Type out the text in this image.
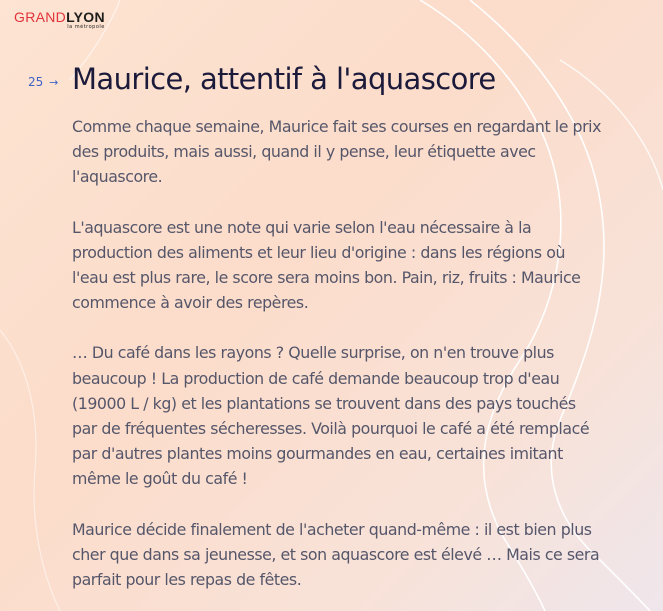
GRANDLYON
la métropole
25 → Maurice, attentif à l'aquascore

Comme chaque semaine, Maurice fait ses courses en regardant le prix des produits, mais aussi, quand il y pense, leur étiquette avec l'aquascore.

L'aquascore est une note qui varie selon l'eau nécessaire à la production des aliments et leur lieu d'origine : dans les régions où l'eau est plus rare, le score sera moins bon. Pain, riz, fruits : Maurice commence à avoir des repères.

… Du café dans les rayons ? Quelle surprise, on n'en trouve plus beaucoup ! La production de café demande beaucoup trop d'eau (19000 L / kg) et les plantations se trouvent dans des pays touchés par de fréquentes sécheresses. Voilà pourquoi le café a été remplacé par d'autres plantes moins gourmandes en eau, certaines imitant même le goût du café !

Maurice décide finalement de l'acheter quand-même : il est bien plus cher que dans sa jeunesse, et son aquascore est élevé … Mais ce sera parfait pour les repas de fêtes.
